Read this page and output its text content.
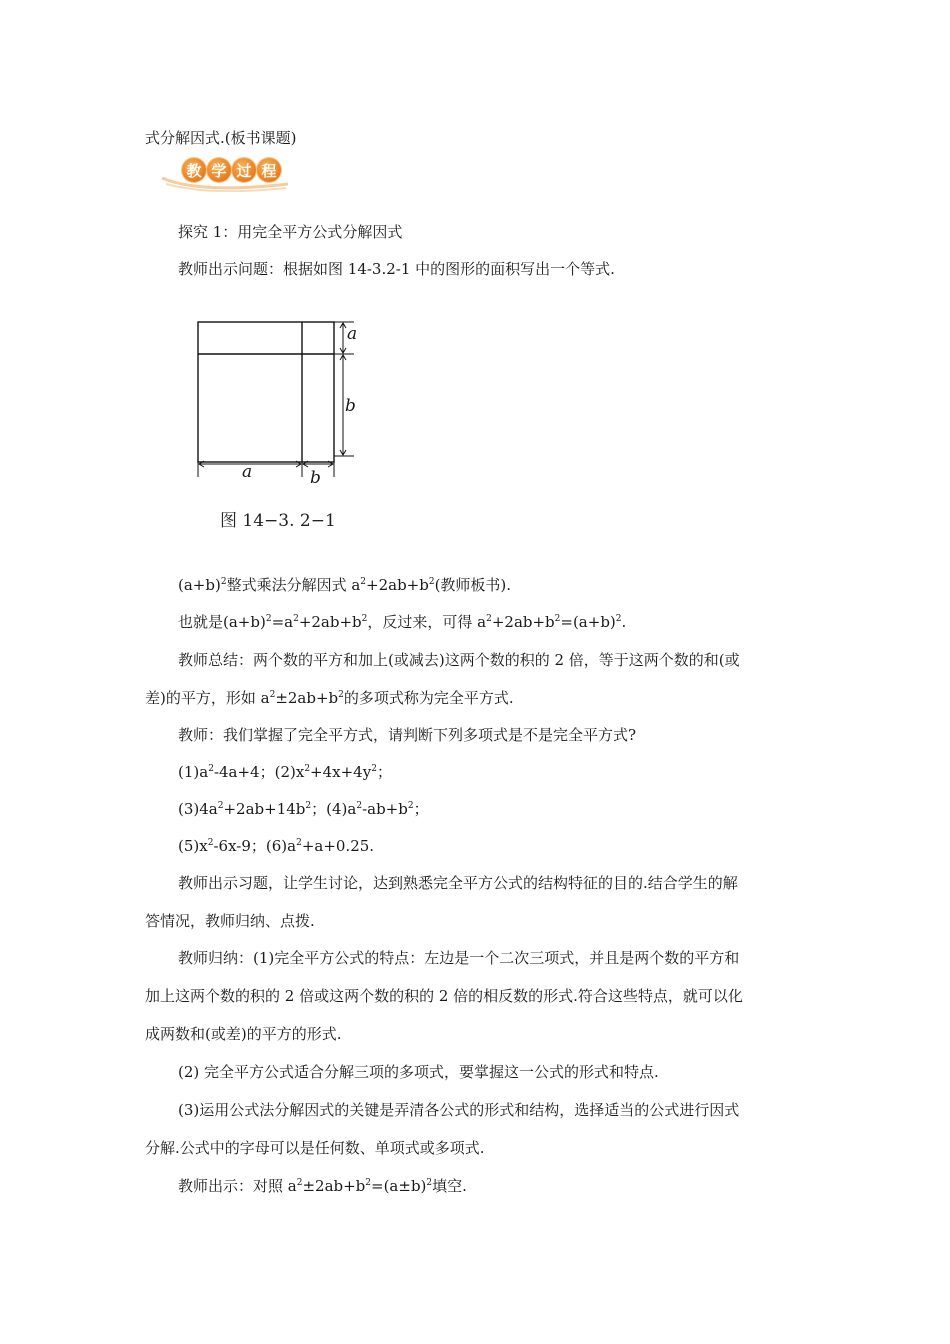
式分解因式.(板书课题)
教 学 过 程
探究 1：用完全平方公式分解因式
教师出示问题：根据如图 14-3.2-1 中的图形的面积写出一个等式.
a
b
a	b
图 14−3. 2−1
$(a+b)^2$整式乘法分解因式 $a^2+2ab+b^2$(教师板书).
也就是$(a+b)^2=a^2+2ab+b^2$，反过来，可得 $a^2+2ab+b^2=(a+b)^2$.
教师总结：两个数的平方和加上(或减去)这两个数的积的 2 倍，等于这两个数的和(或
差)的平方，形如 $a^2\pm 2ab+b^2$的多项式称为完全平方式.
教师：我们掌握了完全平方式，请判断下列多项式是不是完全平方式?
$(1)a^2-4a+4$；$(2)x^2+4x+4y^2$；
$(3)4a^2+2ab+14b^2$；$(4)a^2-ab+b^2$；
$(5)x^2-6x-9$；$(6)a^2+a+0.25$.
教师出示习题，让学生讨论，达到熟悉完全平方公式的结构特征的目的.结合学生的解
答情况，教师归纳、点拨.
教师归纳：(1)完全平方公式的特点：左边是一个二次三项式，并且是两个数的平方和
加上这两个数的积的 2 倍或这两个数的积的 2 倍的相反数的形式.符合这些特点，就可以化
成两数和(或差)的平方的形式.
(2) 完全平方公式适合分解三项的多项式，要掌握这一公式的形式和特点.
(3)运用公式法分解因式的关键是弄清各公式的形式和结构，选择适当的公式进行因式
分解.公式中的字母可以是任何数、单项式或多项式.
教师出示：对照 $a^2\pm 2ab+b^2=(a\pm b)^2$填空.
